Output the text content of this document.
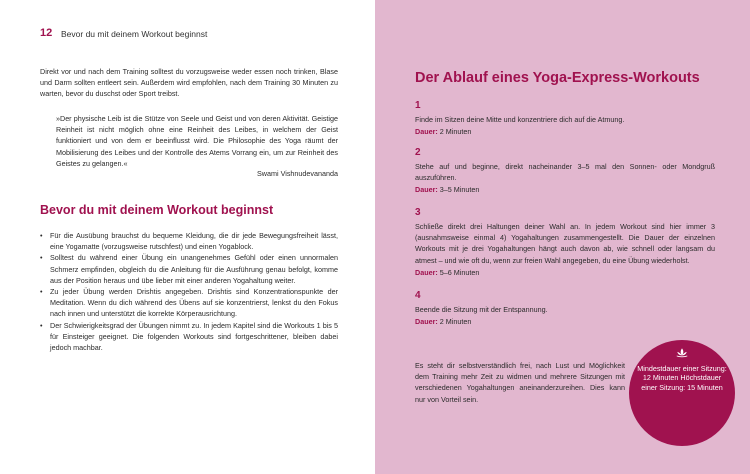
12 Bevor du mit deinem Workout beginnst

Direkt vor und nach dem Training solltest du vorzugsweise weder essen noch trinken, Blase und Darm sollten entleert sein. Außerdem wird empfohlen, nach dem Training 30 Minuten zu warten, bevor du duschst oder Sport treibst.

»Der physische Leib ist die Stütze von Seele und Geist und von deren Aktivität. Geistige Reinheit ist nicht möglich ohne eine Reinheit des Leibes, in welchem der Geist funktioniert und von dem er beeinflusst wird. Die Philosophie des Yoga räumt der Mobilisierung des Leibes und der Kontrolle des Atems Vorrang ein, um zur Reinheit des Geistes zu gelangen.«

Swami Vishnudevananda
Bevor du mit deinem Workout beginnst
• Für die Ausübung brauchst du bequeme Kleidung, die dir jede Bewegungsfreiheit lässt, eine Yogamatte (vorzugsweise rutschfest) und einen Yogablock.
• Solltest du während einer Übung ein unangenehmes Gefühl oder einen unnormalen Schmerz empfinden, obgleich du die Anleitung für die Ausführung genau befolgt, komme aus der Position heraus und übe lieber mit einer anderen Yogahaltung weiter.
• Zu jeder Übung werden Drishtis angegeben. Drishtis sind Konzentrationspunkte der Meditation. Wenn du dich während des Übens auf sie konzentrierst, lenkst du den Fokus nach innen und unterstützt die korrekte Körperausrichtung.
• Der Schwierigkeitsgrad der Übungen nimmt zu. In jedem Kapitel sind die Workouts 1 bis 5 für Einsteiger geeignet. Die folgenden Workouts sind fortgeschrittener, bleiben dabei jedoch machbar.
Der Ablauf eines Yoga-Express-Workouts
1
Finde im Sitzen deine Mitte und konzentriere dich auf die Atmung.
Dauer: 2 Minuten
2
Stehe auf und beginne, direkt nacheinander 3–5 mal den Sonnen- oder Mondgruß auszuführen.
Dauer: 3–5 Minuten
3
Schließe direkt drei Haltungen deiner Wahl an. In jedem Workout sind hier immer 3 (ausnahmsweise einmal 4) Yogahaltungen zusammengestellt. Die Dauer der einzelnen Workouts mit je drei Yogahaltungen hängt auch davon ab, wie schnell oder langsam du atmest – und wie oft du, wenn zur freien Wahl angegeben, du eine Übung wiederholst.
Dauer: 5–6 Minuten
4
Beende die Sitzung mit der Entspannung.
Dauer: 2 Minuten

Es steht dir selbstverständlich frei, nach Lust und Möglichkeit dem Training mehr Zeit zu widmen und mehrere Sitzungen mit verschiedenen Yogahaltungen aneinanderzureihen. Dies kann nur von Vorteil sein.

Mindestdauer einer Sitzung: 12 Minuten Höchstdauer einer Sitzung: 15 Minuten
